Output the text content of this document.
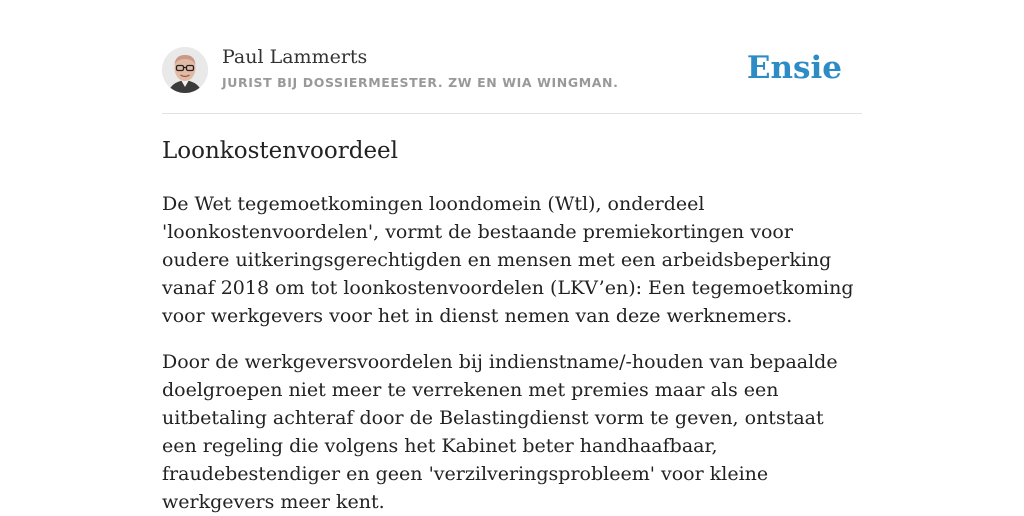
Paul Lammerts
JURIST BIJ DOSSIERMEESTER. ZW EN WIA WINGMAN.	Ensie
Loonkostenvoordeel

De Wet tegemoetkomingen loondomein (Wtl), onderdeel 'loonkostenvoordelen', vormt de bestaande premiekortingen voor oudere uitkeringsgerechtigden en mensen met een arbeidsbeperking vanaf 2018 om tot loonkostenvoordelen (LKV’en): Een tegemoetkoming voor werkgevers voor het in dienst nemen van deze werknemers.

Door de werkgeversvoordelen bij indienstname/-houden van bepaalde doelgroepen niet meer te verrekenen met premies maar als een uitbetaling achteraf door de Belastingdienst vorm te geven, ontstaat een regeling die volgens het Kabinet beter handhaafbaar, fraudebestendiger en geen 'verzilveringsprobleem' voor kleine werkgevers meer kent.
